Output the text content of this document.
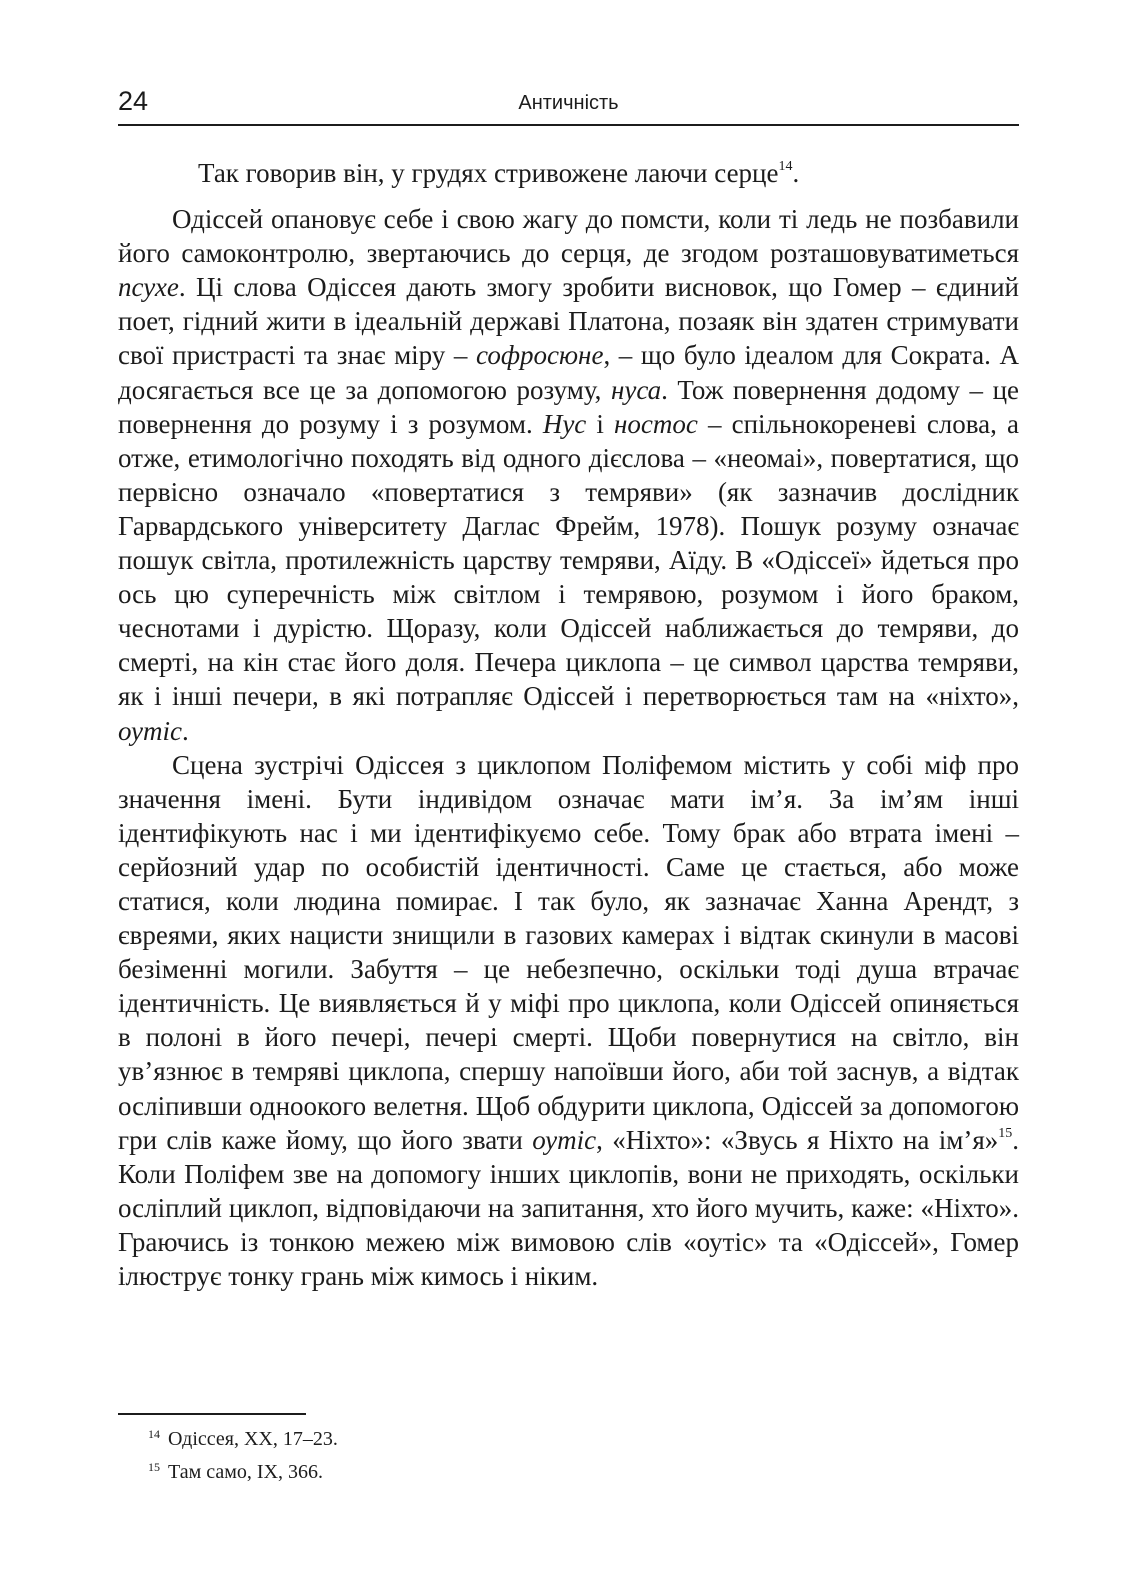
24	Античність

Так говорив він, у грудях стривожене лаючи серце$^{14}$.

Одіссей опановує себе і свою жагу до помсти, коли ті ледь не позбавили його самоконтролю, звертаючись до серця, де згодом розташовуватиметься псухе. Ці слова Одіссея дають змогу зробити висновок, що Гомер – єдиний поет, гідний жити в ідеальній державі Платона, позаяк він здатен стримувати свої пристрасті та знає міру – софросюне, – що було ідеалом для Сократа. А досягається все це за допомогою розуму, нуса. Тож повернення додому – це повернення до розуму і з розумом. Нус і ностос – спільнокореневі слова, а отже, етимологічно походять від одного дієслова – «неомаі», повертатися, що первісно означало «повертатися з темряви» (як зазначив дослідник Гарвардського університету Даглас Фрейм, 1978). Пошук розуму означає пошук світла, протилежність царству темряви, Аїду. В «Одіссеї» йдеться про ось цю суперечність між світлом і темрявою, розумом і його браком, чеснотами і дурістю. Щоразу, коли Одіссей наближається до темряви, до смерті, на кін стає його доля. Печера циклопа – це символ царства темряви, як і інші печери, в які потрапляє Одіссей і перетворюється там на «ніхто», оутіс.

Сцена зустрічі Одіссея з циклопом Поліфемом містить у собі міф про значення імені. Бути індивідом означає мати ім’я. За ім’ям інші ідентифікують нас і ми ідентифікуємо себе. Тому брак або втрата імені – серйозний удар по особистій ідентичності. Саме це стається, або може статися, коли людина помирає. І так було, як зазначає Ханна Арендт, з євреями, яких нацисти знищили в газових камерах і відтак скинули в масові безіменні могили. Забуття – це небезпечно, оскільки тоді душа втрачає ідентичність. Це виявляється й у міфі про циклопа, коли Одіссей опиняється в полоні в його печері, печері смерті. Щоби повернутися на світло, він ув’язнює в темряві циклопа, спершу напоївши його, аби той заснув, а відтак осліпивши одноокого велетня. Щоб обдурити циклопа, Одіссей за допомогою гри слів каже йому, що його звати оутіс, «Ніхто»: «Звусь я Ніхто на ім’я»$^{15}$. Коли Поліфем зве на допомогу інших циклопів, вони не приходять, оскільки осліплий циклоп, відповідаючи на запитання, хто його мучить, каже: «Ніхто». Граючись із тонкою межею між вимовою слів «оутіс» та «Одіссей», Гомер ілюструє тонку грань між кимось і ніким.

$^{14}$ Одіссея, XX, 17–23.
$^{15}$ Там само, IX, 366.
